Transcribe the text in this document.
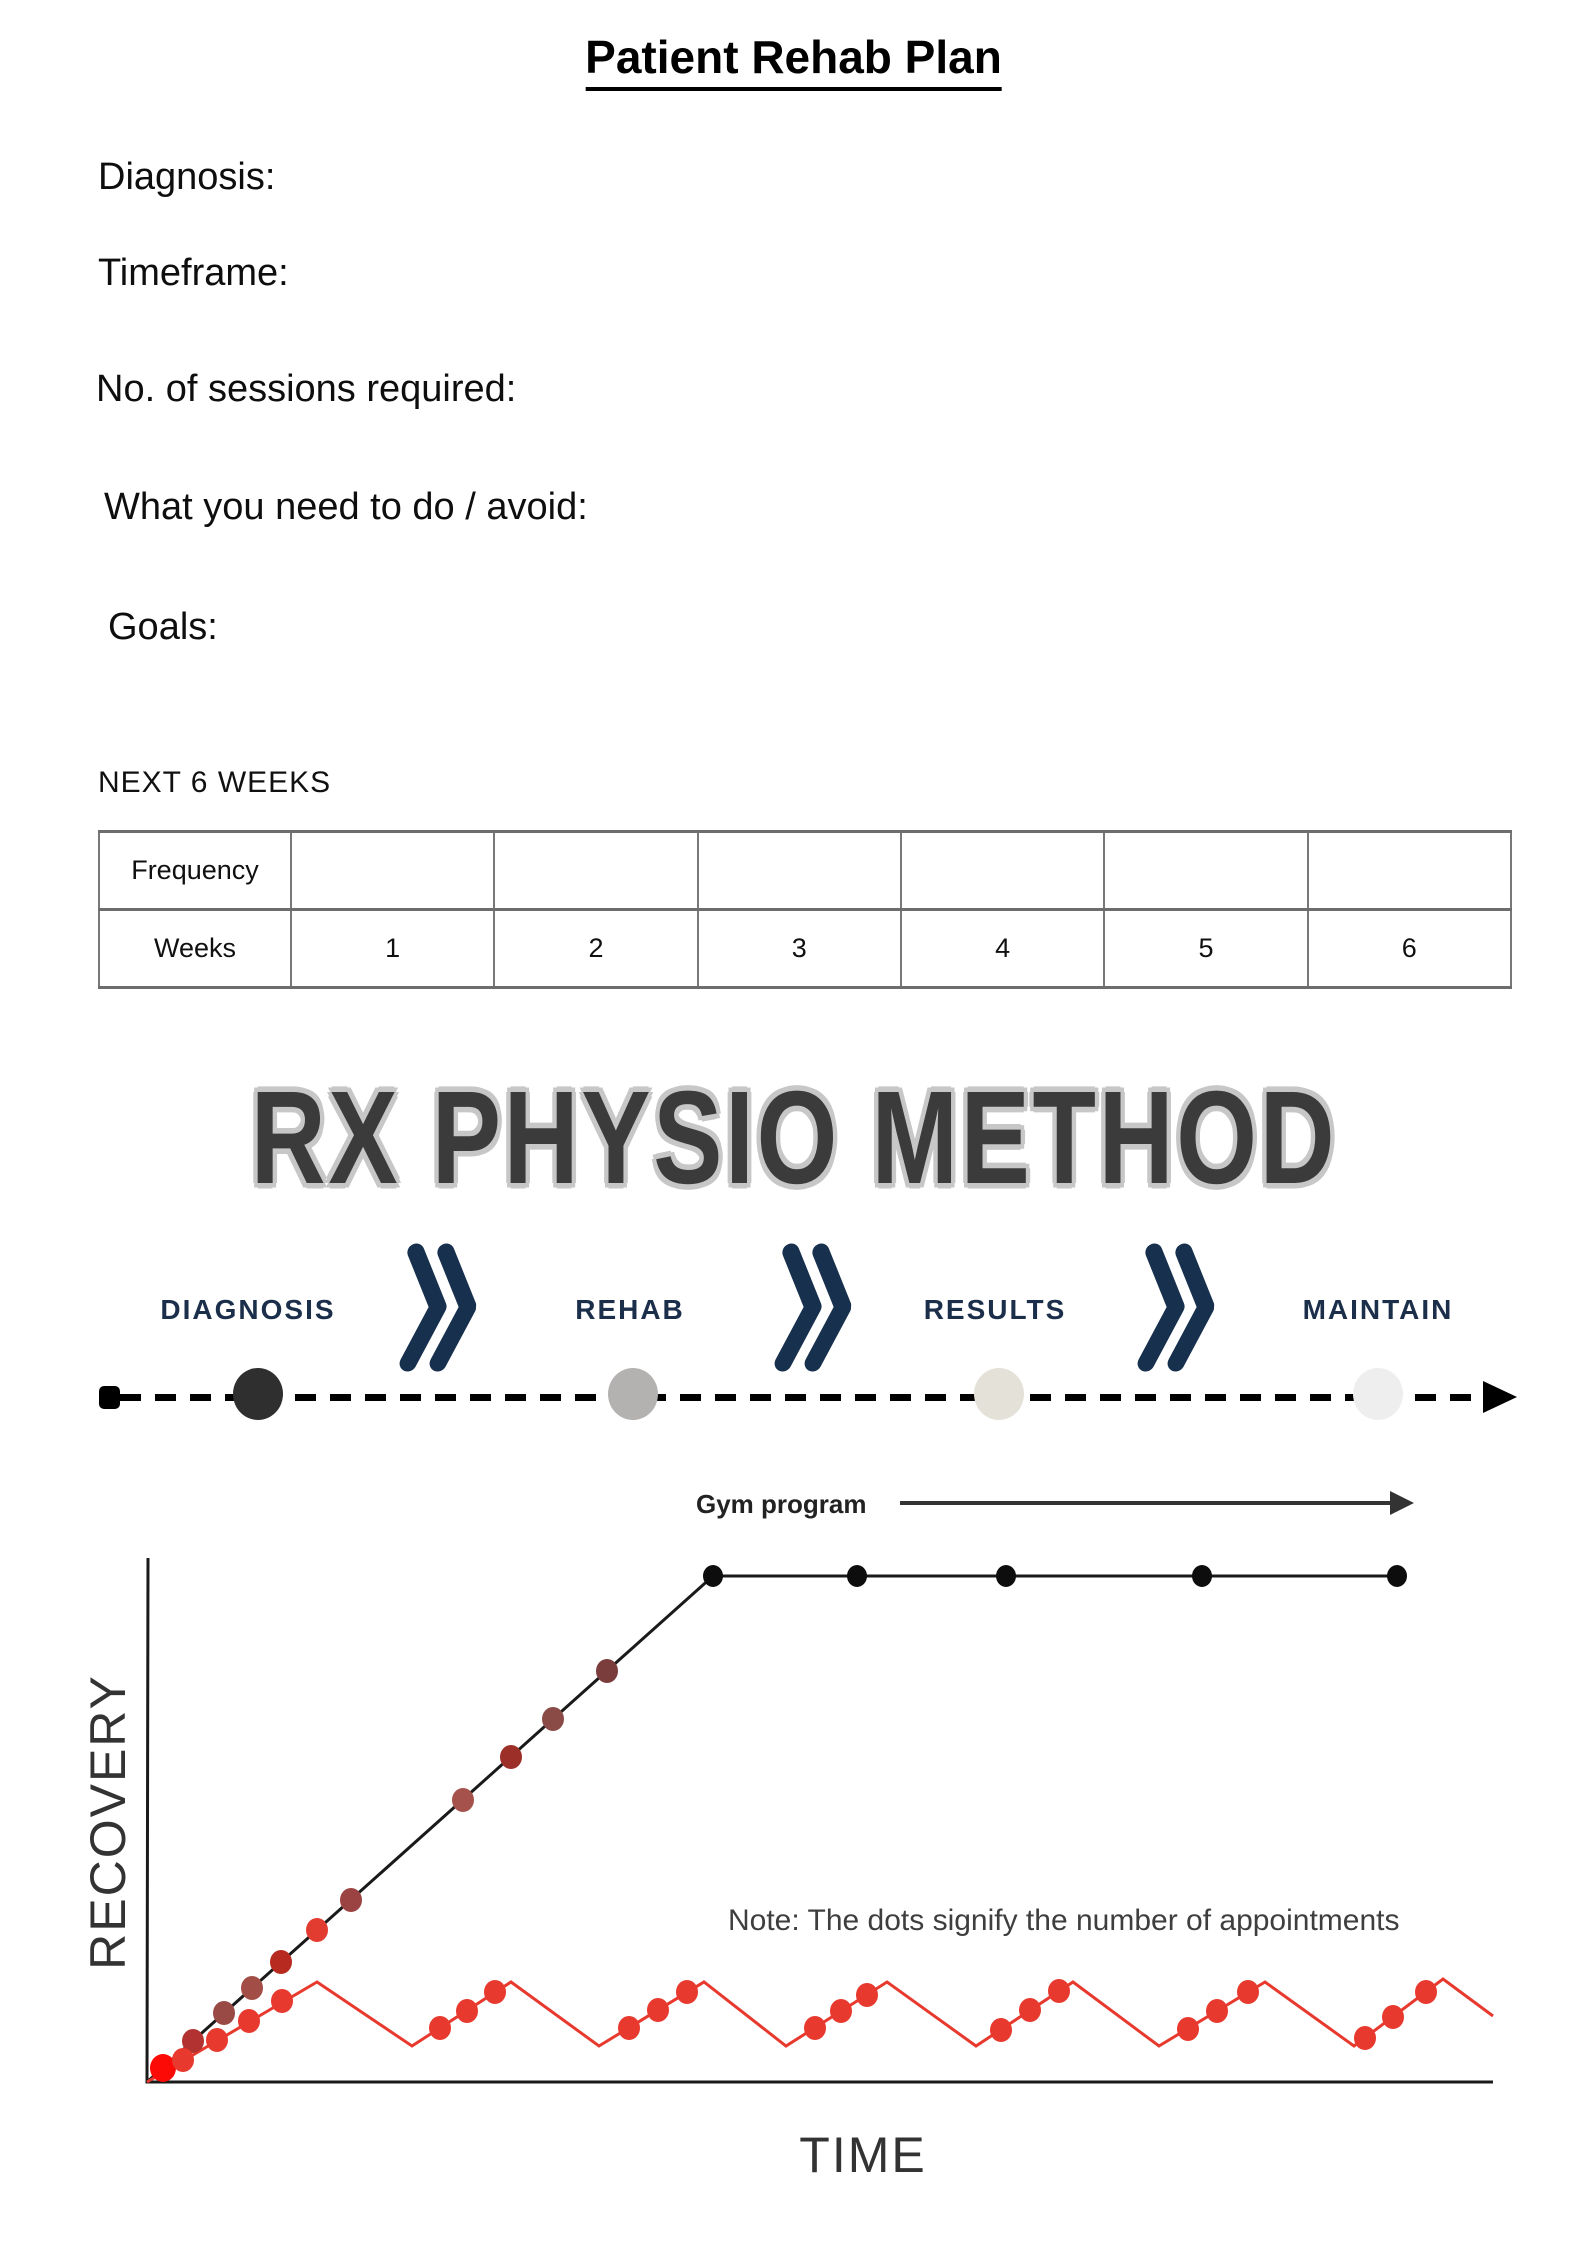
Patient Rehab Plan
Diagnosis:
Timeframe:
No. of sessions required:
What you need to do / avoid:
Goals:
NEXT 6 WEEKS
Frequency						
Weeks	1	2	3	4	5	6
RX PHYSIO METHOD
DIAGNOSIS	REHAB	RESULTS	MAINTAIN
Gym program
RECOVERY
TIME
Note: The dots signify the number of appointments
